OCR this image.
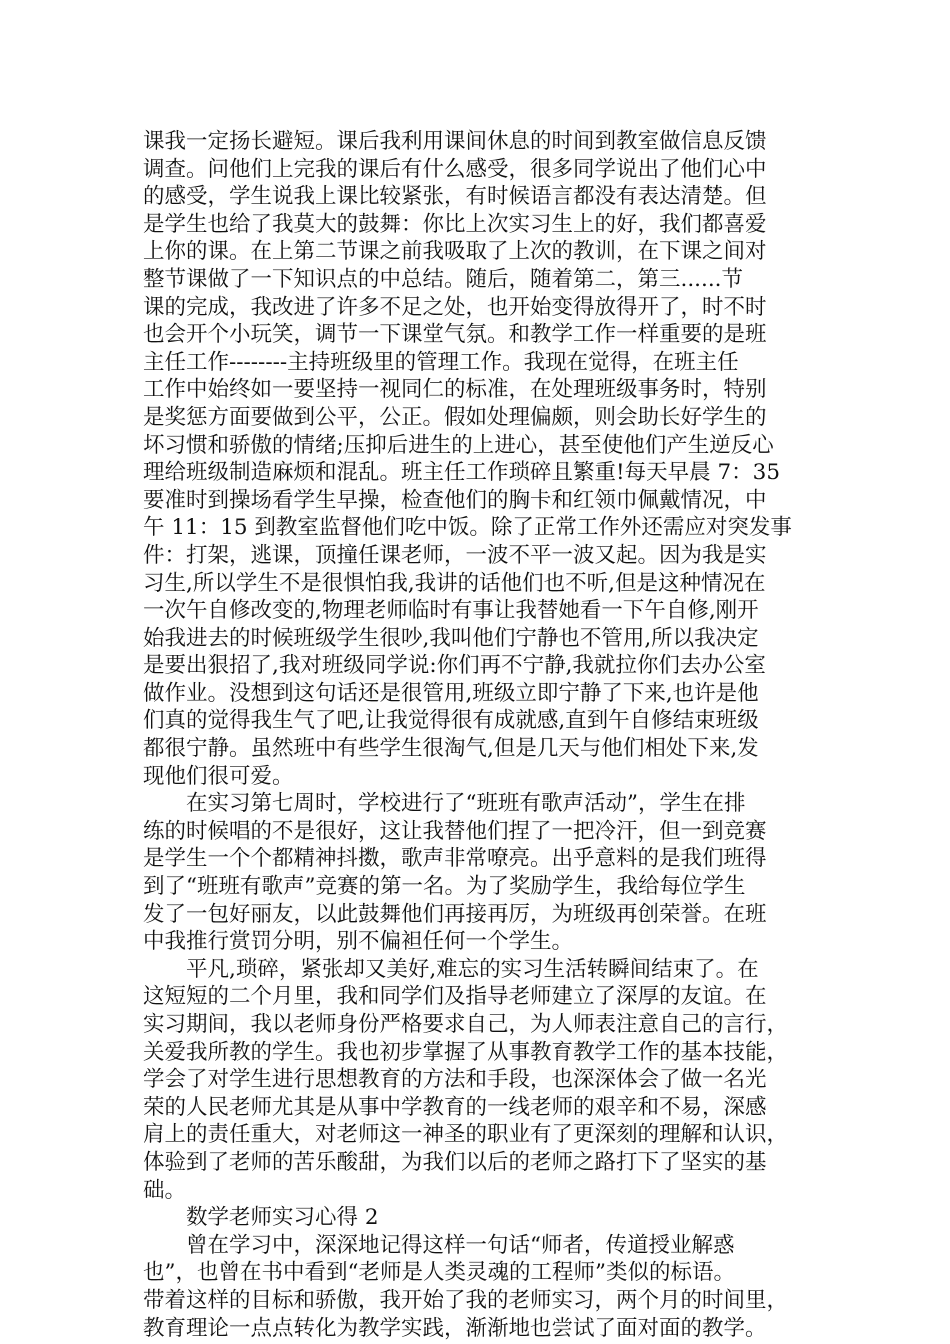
课我一定扬长避短。课后我利用课间休息的时间到教室做信息反馈
调查。问他们上完我的课后有什么感受，很多同学说出了他们心中
的感受，学生说我上课比较紧张，有时候语言都没有表达清楚。但
是学生也给了我莫大的鼓舞：你比上次实习生上的好，我们都喜爱
上你的课。在上第二节课之前我吸取了上次的教训，在下课之间对
整节课做了一下知识点的中总结。随后，随着第二，第三......节
课的完成，我改进了许多不足之处，也开始变得放得开了，时不时
也会开个小玩笑，调节一下课堂气氛。和教学工作一样重要的是班
主任工作--------主持班级里的管理工作。我现在觉得，在班主任
工作中始终如一要坚持一视同仁的标准，在处理班级事务时，特别
是奖惩方面要做到公平，公正。假如处理偏颇，则会助长好学生的
坏习惯和骄傲的情绪;压抑后进生的上进心，甚至使他们产生逆反心
理给班级制造麻烦和混乱。班主任工作琐碎且繁重!每天早晨 7：35
要准时到操场看学生早操，检查他们的胸卡和红领巾佩戴情况，中
午 11：15 到教室监督他们吃中饭。除了正常工作外还需应对突发事
件：打架，逃课，顶撞任课老师，一波不平一波又起。因为我是实
习生,所以学生不是很惧怕我,我讲的话他们也不听,但是这种情况在
一次午自修改变的,物理老师临时有事让我替她看一下午自修,刚开
始我进去的时候班级学生很吵,我叫他们宁静也不管用,所以我决定
是要出狠招了,我对班级同学说:你们再不宁静,我就拉你们去办公室
做作业。没想到这句话还是很管用,班级立即宁静了下来,也许是他
们真的觉得我生气了吧,让我觉得很有成就感,直到午自修结束班级
都很宁静。虽然班中有些学生很淘气,但是几天与他们相处下来,发
现他们很可爱。
　　在实习第七周时，学校进行了“班班有歌声活动”，学生在排
练的时候唱的不是很好，这让我替他们捏了一把冷汗，但一到竞赛
是学生一个个都精神抖擞，歌声非常嘹亮。出乎意料的是我们班得
到了“班班有歌声”竞赛的第一名。为了奖励学生，我给每位学生
发了一包好丽友，以此鼓舞他们再接再厉，为班级再创荣誉。在班
中我推行赏罚分明，别不偏袒任何一个学生。
　　平凡,琐碎，紧张却又美好,难忘的实习生活转瞬间结束了。在
这短短的二个月里，我和同学们及指导老师建立了深厚的友谊。在
实习期间，我以老师身份严格要求自己，为人师表注意自己的言行，
关爱我所教的学生。我也初步掌握了从事教育教学工作的基本技能，
学会了对学生进行思想教育的方法和手段，也深深体会了做一名光
荣的人民老师尤其是从事中学教育的一线老师的艰辛和不易，深感
肩上的责任重大，对老师这一神圣的职业有了更深刻的理解和认识，
体验到了老师的苦乐酸甜，为我们以后的老师之路打下了坚实的基
础。
　　数学老师实习心得 2
　　曾在学习中，深深地记得这样一句话“师者，传道授业解惑
也”，也曾在书中看到“老师是人类灵魂的工程师”类似的标语。
带着这样的目标和骄傲，我开始了我的老师实习，两个月的时间里，
教育理论一点点转化为教学实践，渐渐地也尝试了面对面的教学。
